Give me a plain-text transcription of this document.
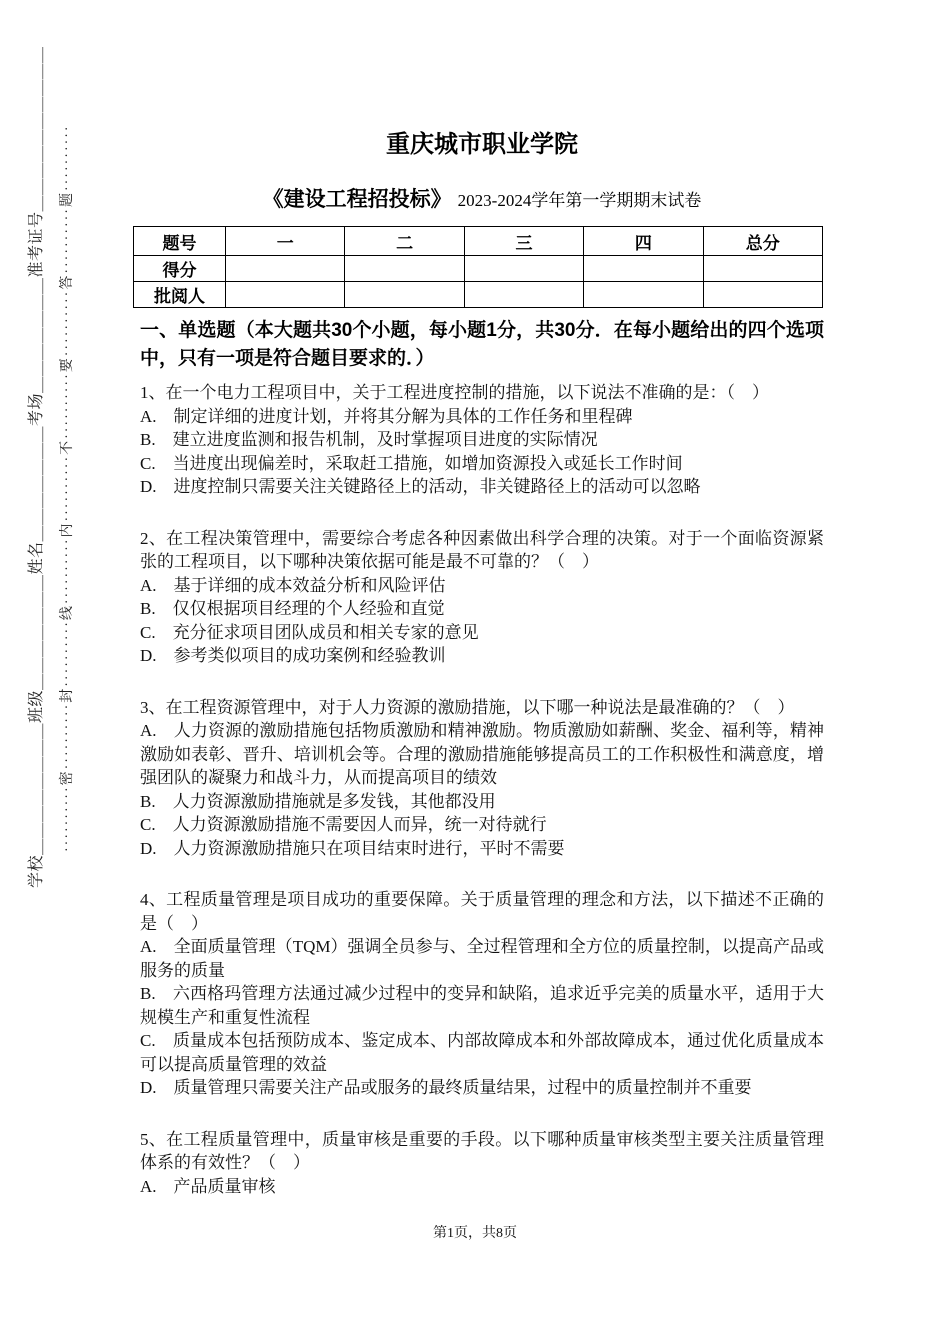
学校＿＿＿＿＿＿＿＿班级＿＿＿＿＿＿＿姓名＿＿＿＿＿＿＿考场＿＿＿＿＿＿＿准考证号＿＿＿＿＿＿＿＿＿＿ ··········密··········封··········线··········内··········不··········要··········答··········题··········	重庆城市职业学院
《建设工程招投标》 2023-2024学年第一学期期末试卷
题号	一	二	三	四	总分
得分					
批阅人					
一、单选题（本大题共30个小题，每小题1分，共30分．在每小题给出的四个选项中，只有一项是符合题目要求的．）

1、在一个电力工程项目中，关于工程进度控制的措施，以下说法不准确的是：（　）

A.　制定详细的进度计划，并将其分解为具体的工作任务和里程碑

B.　建立进度监测和报告机制，及时掌握项目进度的实际情况

C.　当进度出现偏差时，采取赶工措施，如增加资源投入或延长工作时间

D.　进度控制只需要关注关键路径上的活动，非关键路径上的活动可以忽略

2、在工程决策管理中，需要综合考虑各种因素做出科学合理的决策。对于一个面临资源紧张的工程项目，以下哪种决策依据可能是最不可靠的？（　）

A.　基于详细的成本效益分析和风险评估

B.　仅仅根据项目经理的个人经验和直觉

C.　充分征求项目团队成员和相关专家的意见

D.　参考类似项目的成功案例和经验教训

3、在工程资源管理中，对于人力资源的激励措施，以下哪一种说法是最准确的？（　）

A.　人力资源的激励措施包括物质激励和精神激励。物质激励如薪酬、奖金、福利等，精神激励如表彰、晋升、培训机会等。合理的激励措施能够提高员工的工作积极性和满意度，增强团队的凝聚力和战斗力，从而提高项目的绩效

B.　人力资源激励措施就是多发钱，其他都没用

C.　人力资源激励措施不需要因人而异，统一对待就行

D.　人力资源激励措施只在项目结束时进行，平时不需要

4、工程质量管理是项目成功的重要保障。关于质量管理的理念和方法，以下描述不正确的是（　）

A.　全面质量管理（TQM）强调全员参与、全过程管理和全方位的质量控制，以提高产品或服务的质量

B.　六西格玛管理方法通过减少过程中的变异和缺陷，追求近乎完美的质量水平，适用于大规模生产和重复性流程

C.　质量成本包括预防成本、鉴定成本、内部故障成本和外部故障成本，通过优化质量成本可以提高质量管理的效益

D.　质量管理只需要关注产品或服务的最终质量结果，过程中的质量控制并不重要

5、在工程质量管理中，质量审核是重要的手段。以下哪种质量审核类型主要关注质量管理体系的有效性？（　）

A.　产品质量审核

第1页，共8页
